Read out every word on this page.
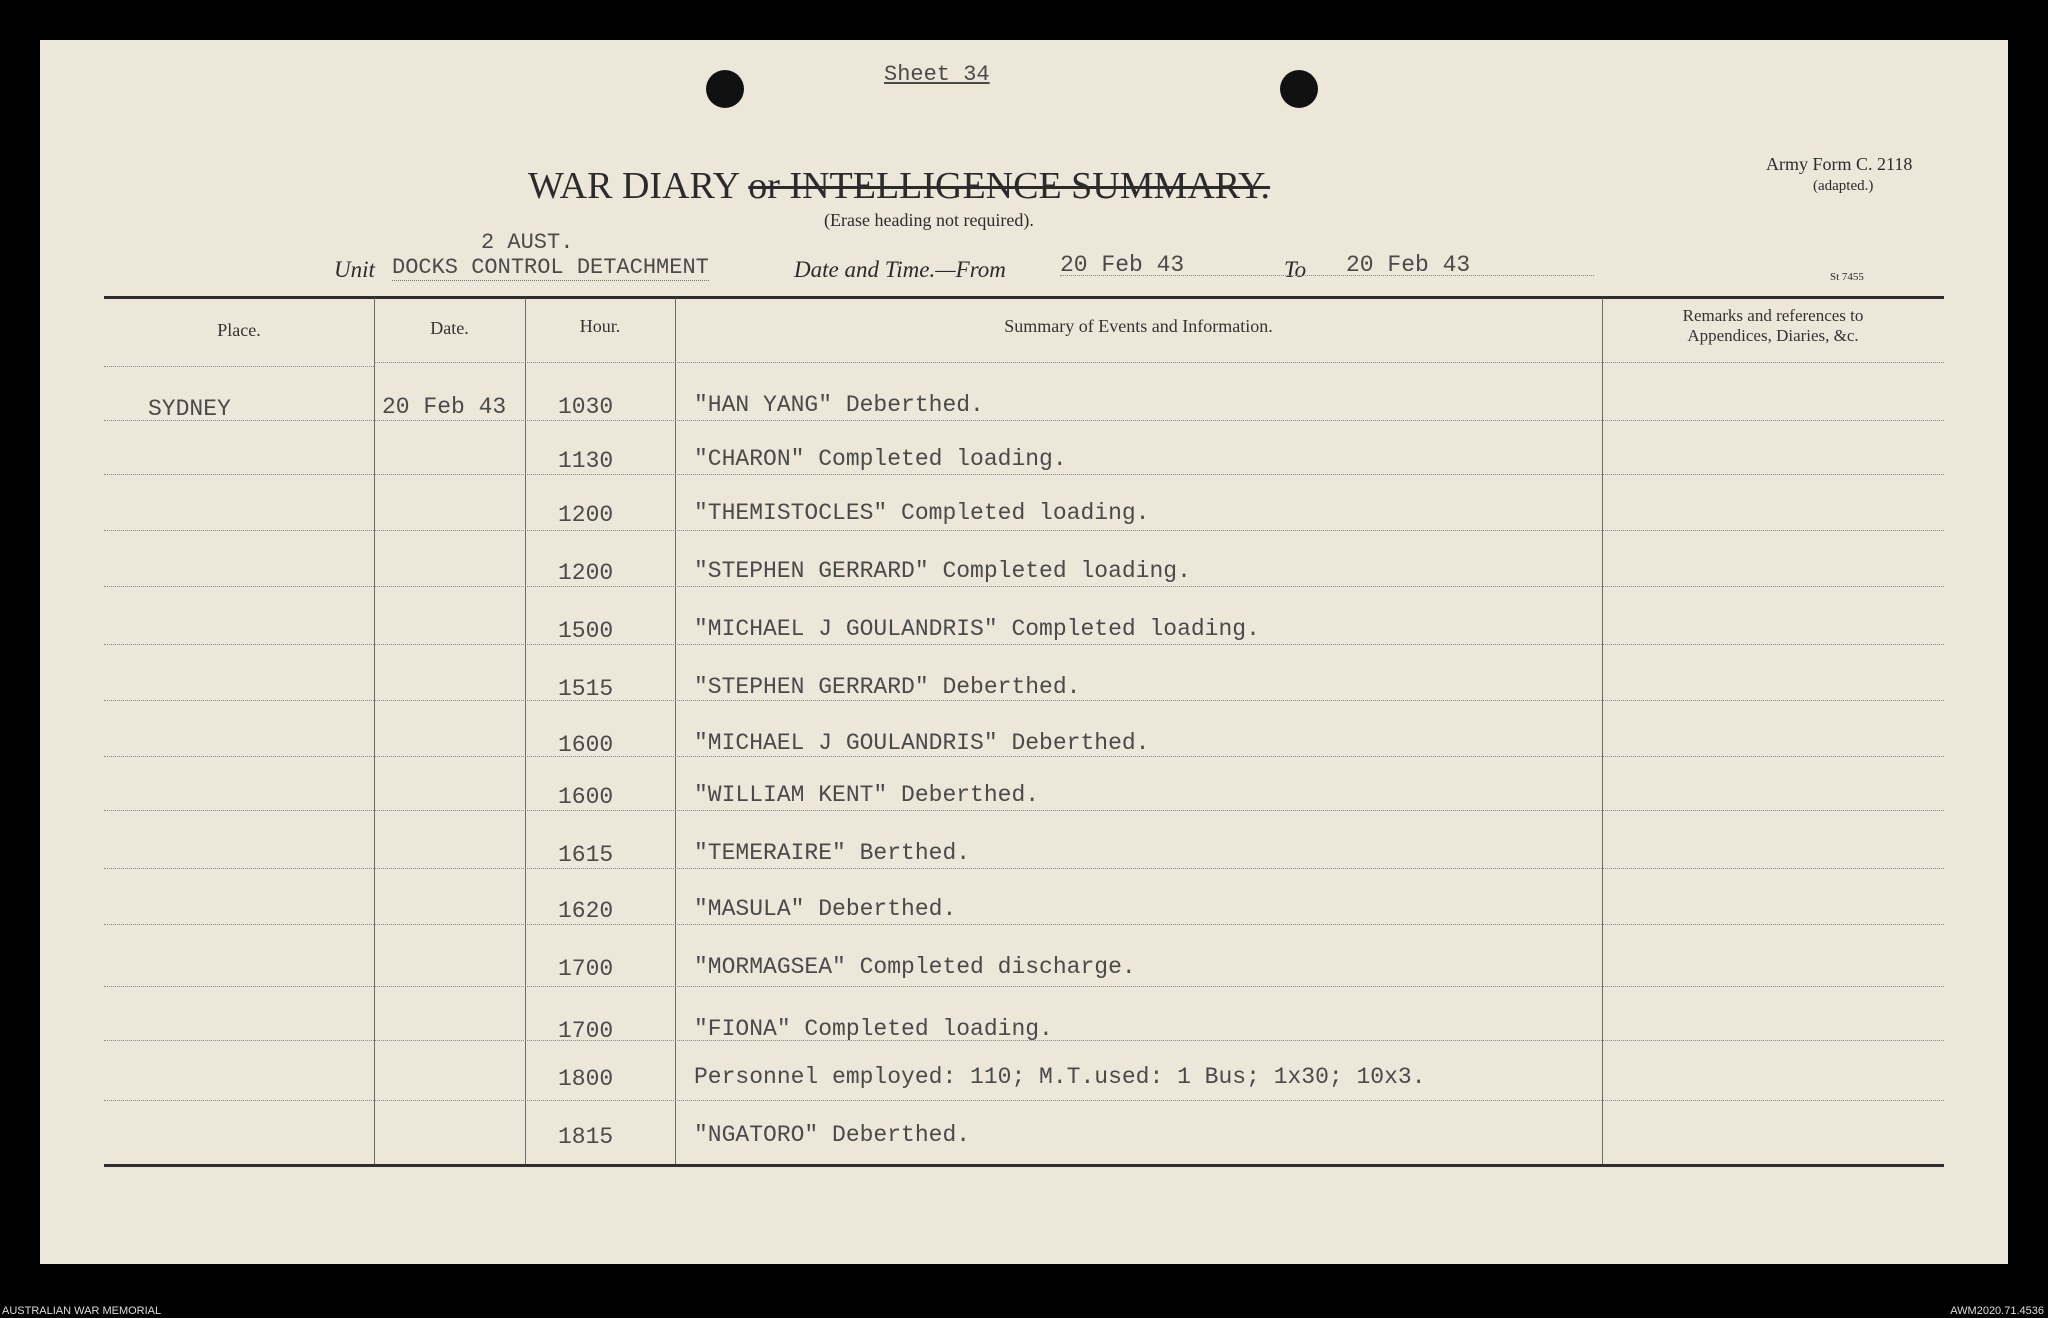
Sheet 34
WAR DIARY or INTELLIGENCE SUMMARY.
(Erase heading not required).
Army Form C. 2118
(adapted.)
St 7455
2 AUST.
Unit DOCKS CONTROL DETACHMENT	Date and Time.—From 20 Feb 43	To 20 Feb 43
Place.	Date.	Hour.	Summary of Events and Information.
Remarks and references to
Appendices, Diaries, &c.
SYDNEY	20 Feb 43 1030	"HAN YANG" Deberthed.
1130	"CHARON" Completed loading.
1200	"THEMISTOCLES" Completed loading.
1200	"STEPHEN GERRARD" Completed loading.
1500	"MICHAEL J GOULANDRIS" Completed loading.
1515	"STEPHEN GERRARD" Deberthed.
1600	"MICHAEL J GOULANDRIS" Deberthed.
1600	"WILLIAM KENT" Deberthed.
1615	"TEMERAIRE" Berthed.
1620	"MASULA" Deberthed.
1700	"MORMAGSEA" Completed discharge.
1700	"FIONA" Completed loading.
1800	Personnel employed: 110; M.T.used: 1 Bus; 1x30; 10x3.
1815	"NGATORO" Deberthed.
AUSTRALIAN WAR MEMORIAL	AWM2020.71.4536
